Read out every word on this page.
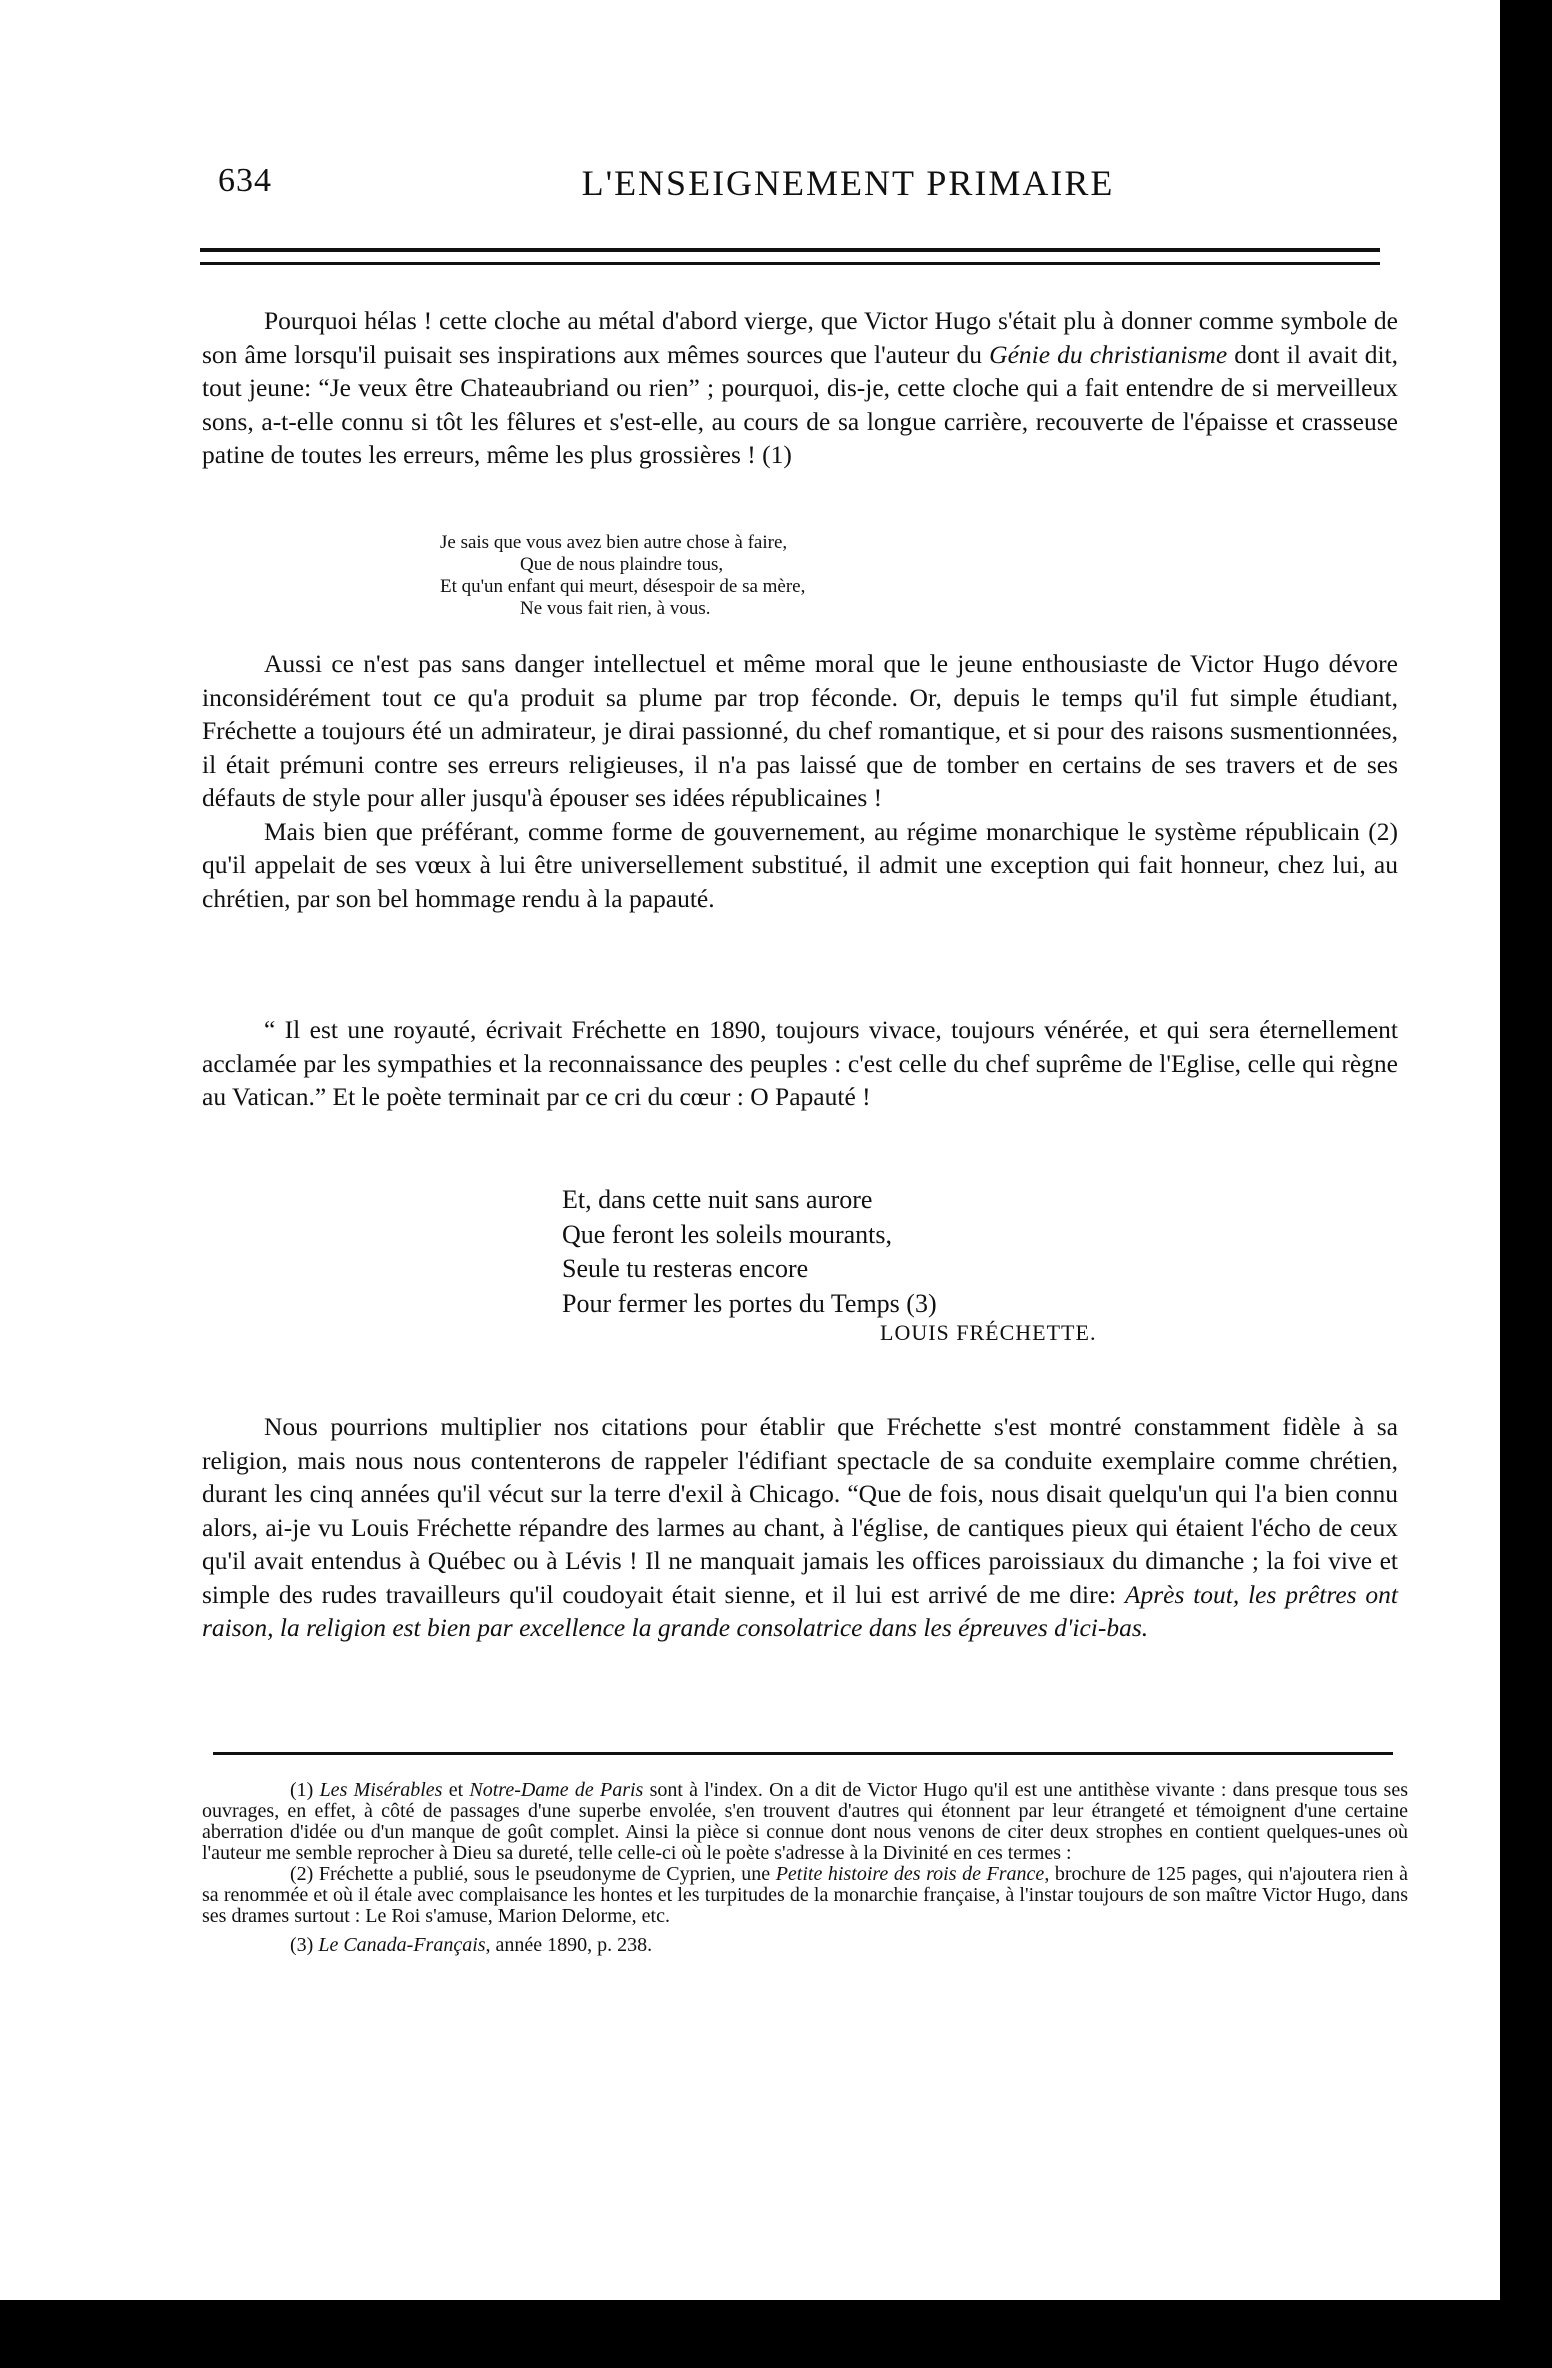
634	L'ENSEIGNEMENT PRIMAIRE

Pourquoi hélas ! cette cloche au métal d'abord vierge, que Victor Hugo s'était plu à donner comme symbole de son âme lorsqu'il puisait ses inspirations aux mêmes sources que l'auteur du Génie du christianisme dont il avait dit, tout jeune: “Je veux être Chateaubriand ou rien” ; pourquoi, dis-je, cette cloche qui a fait entendre de si merveilleux sons, a-t-elle connu si tôt les fêlures et s'est-elle, au cours de sa longue carrière, recouverte de l'épaisse et crasseuse patine de toutes les erreurs, même les plus grossières ! (1)

Je sais que vous avez bien autre chose à faire,
Que de nous plaindre tous,
Et qu'un enfant qui meurt, désespoir de sa mère,
Ne vous fait rien, à vous.

Aussi ce n'est pas sans danger intellectuel et même moral que le jeune enthousiaste de Victor Hugo dévore inconsidérément tout ce qu'a produit sa plume par trop féconde. Or, depuis le temps qu'il fut simple étudiant, Fréchette a toujours été un admirateur, je dirai passionné, du chef romantique, et si pour des raisons susmentionnées, il était prémuni contre ses erreurs religieuses, il n'a pas laissé que de tomber en certains de ses travers et de ses défauts de style pour aller jusqu'à épouser ses idées républicaines !

Mais bien que préférant, comme forme de gouvernement, au régime monarchique le système républicain (2) qu'il appelait de ses vœux à lui être universellement substitué, il admit une exception qui fait honneur, chez lui, au chrétien, par son bel hommage rendu à la papauté.

“ Il est une royauté, écrivait Fréchette en 1890, toujours vivace, toujours vénérée, et qui sera éternellement acclamée par les sympathies et la reconnaissance des peuples : c'est celle du chef suprême de l'Eglise, celle qui règne au Vatican.” Et le poète terminait par ce cri du cœur : O Papauté !

Et, dans cette nuit sans aurore
Que feront les soleils mourants,
Seule tu resteras encore
Pour fermer les portes du Temps (3)
LOUIS FRÉCHETTE.

Nous pourrions multiplier nos citations pour établir que Fréchette s'est montré constamment fidèle à sa religion, mais nous nous contenterons de rappeler l'édifiant spectacle de sa conduite exemplaire comme chrétien, durant les cinq années qu'il vécut sur la terre d'exil à Chicago. “Que de fois, nous disait quelqu'un qui l'a bien connu alors, ai-je vu Louis Fréchette répandre des larmes au chant, à l'église, de cantiques pieux qui étaient l'écho de ceux qu'il avait entendus à Québec ou à Lévis ! Il ne manquait jamais les offices paroissiaux du dimanche ; la foi vive et simple des rudes travailleurs qu'il coudoyait était sienne, et il lui est arrivé de me dire: Après tout, les prêtres ont raison, la religion est bien par excellence la grande consolatrice dans les épreuves d'ici-bas.

(1) Les Misérables et Notre-Dame de Paris sont à l'index. On a dit de Victor Hugo qu'il est une antithèse vivante : dans presque tous ses ouvrages, en effet, à côté de passages d'une superbe envolée, s'en trouvent d'autres qui étonnent par leur étrangeté et témoignent d'une certaine aberration d'idée ou d'un manque de goût complet. Ainsi la pièce si connue dont nous venons de citer deux strophes en contient quelques-unes où l'auteur me semble reprocher à Dieu sa dureté, telle celle-ci où le poète s'adresse à la Divinité en ces termes :

(2) Fréchette a publié, sous le pseudonyme de Cyprien, une Petite histoire des rois de France, brochure de 125 pages, qui n'ajoutera rien à sa renommée et où il étale avec complaisance les hontes et les turpitudes de la monarchie française, à l'instar toujours de son maître Victor Hugo, dans ses drames surtout : Le Roi s'amuse, Marion Delorme, etc.

(3) Le Canada-Français, année 1890, p. 238.
